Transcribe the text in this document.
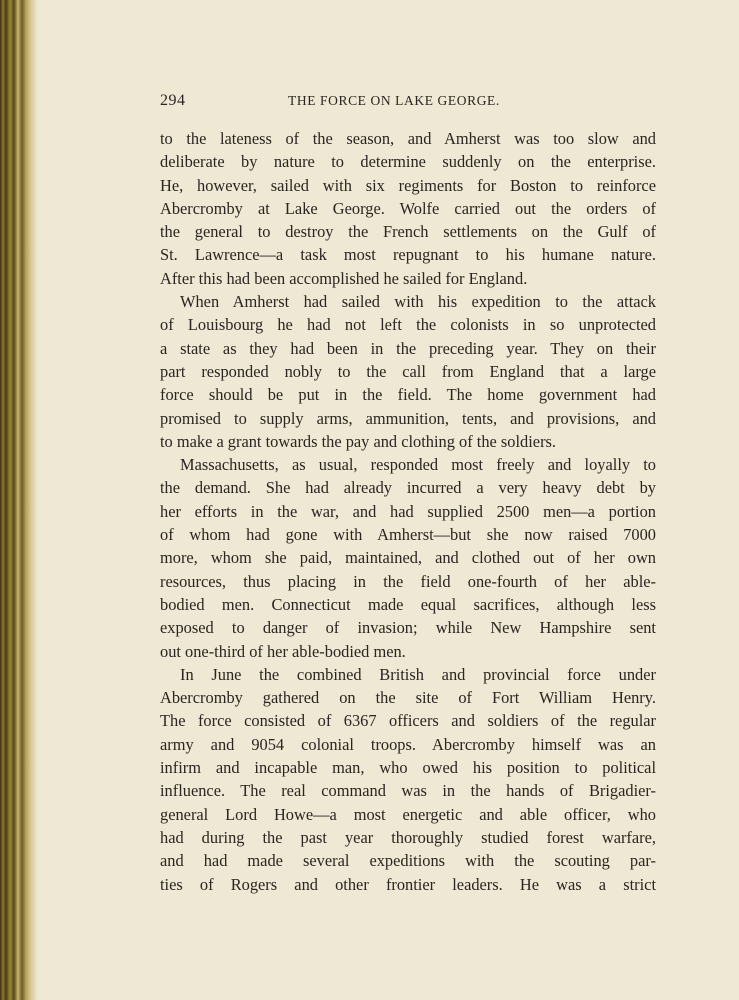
294	THE FORCE ON LAKE GEORGE.
to the lateness of the season, and Amherst was too slow and
deliberate by nature to determine suddenly on the enterprise.
He, however, sailed with six regiments for Boston to reinforce
Abercromby at Lake George. Wolfe carried out the orders of
the general to destroy the French settlements on the Gulf of
St. Lawrence—a task most repugnant to his humane nature.
After this had been accomplished he sailed for England.
When Amherst had sailed with his expedition to the attack
of Louisbourg he had not left the colonists in so unprotected
a state as they had been in the preceding year. They on their
part responded nobly to the call from England that a large
force should be put in the field. The home government had
promised to supply arms, ammunition, tents, and provisions, and
to make a grant towards the pay and clothing of the soldiers.
Massachusetts, as usual, responded most freely and loyally to
the demand. She had already incurred a very heavy debt by
her efforts in the war, and had supplied 2500 men—a portion
of whom had gone with Amherst—but she now raised 7000
more, whom she paid, maintained, and clothed out of her own
resources, thus placing in the field one-fourth of her able-
bodied men. Connecticut made equal sacrifices, although less
exposed to danger of invasion; while New Hampshire sent
out one-third of her able-bodied men.
In June the combined British and provincial force under
Abercromby gathered on the site of Fort William Henry.
The force consisted of 6367 officers and soldiers of the regular
army and 9054 colonial troops. Abercromby himself was an
infirm and incapable man, who owed his position to political
influence. The real command was in the hands of Brigadier-
general Lord Howe—a most energetic and able officer, who
had during the past year thoroughly studied forest warfare,
and had made several expeditions with the scouting par-
ties of Rogers and other frontier leaders. He was a strict
